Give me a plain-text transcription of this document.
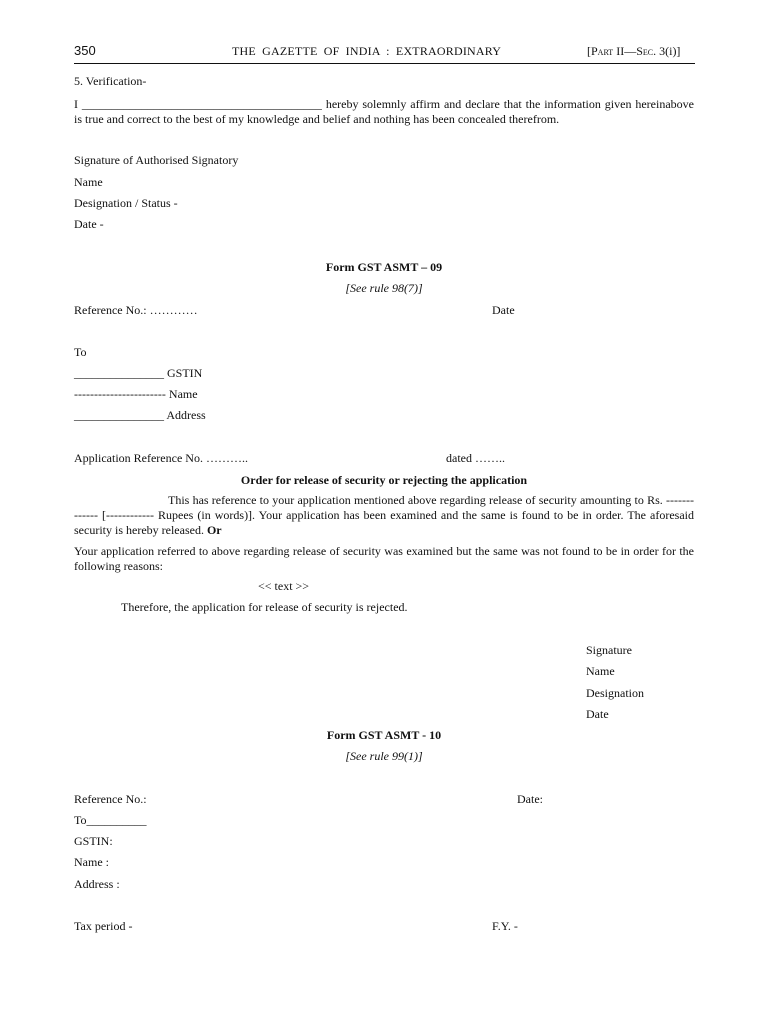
350	THE GAZETTE OF INDIA : EXTRAORDINARY	[Part II—Sec. 3(i)]
5. Verification-
I ________________________________________ hereby solemnly affirm and declare that the information given hereinabove is true and correct to the best of my knowledge and belief and nothing has been concealed therefrom.
Signature of Authorised Signatory
Name
Designation / Status -
Date -
Form GST ASMT – 09
[See rule 98(7)]
Reference No.: …………	Date
To
_______________ GSTIN
----------------------- Name
_______________ Address
Application Reference No. ………..	dated ……..
Order for release of security or rejecting the application
This has reference to your application mentioned above regarding release of security amounting to Rs. ------------- [------------ Rupees (in words)]. Your application has been examined and the same is found to be in order. The aforesaid security is hereby released. Or
Your application referred to above regarding release of security was examined but the same was not found to be in order for the following reasons:
<< text >>
Therefore, the application for release of security is rejected.
Signature
Name
Designation
Date
Form GST ASMT - 10
[See rule 99(1)]
Reference No.:	Date:
To__________
GSTIN:
Name :
Address :
Tax period -	F.Y. -
